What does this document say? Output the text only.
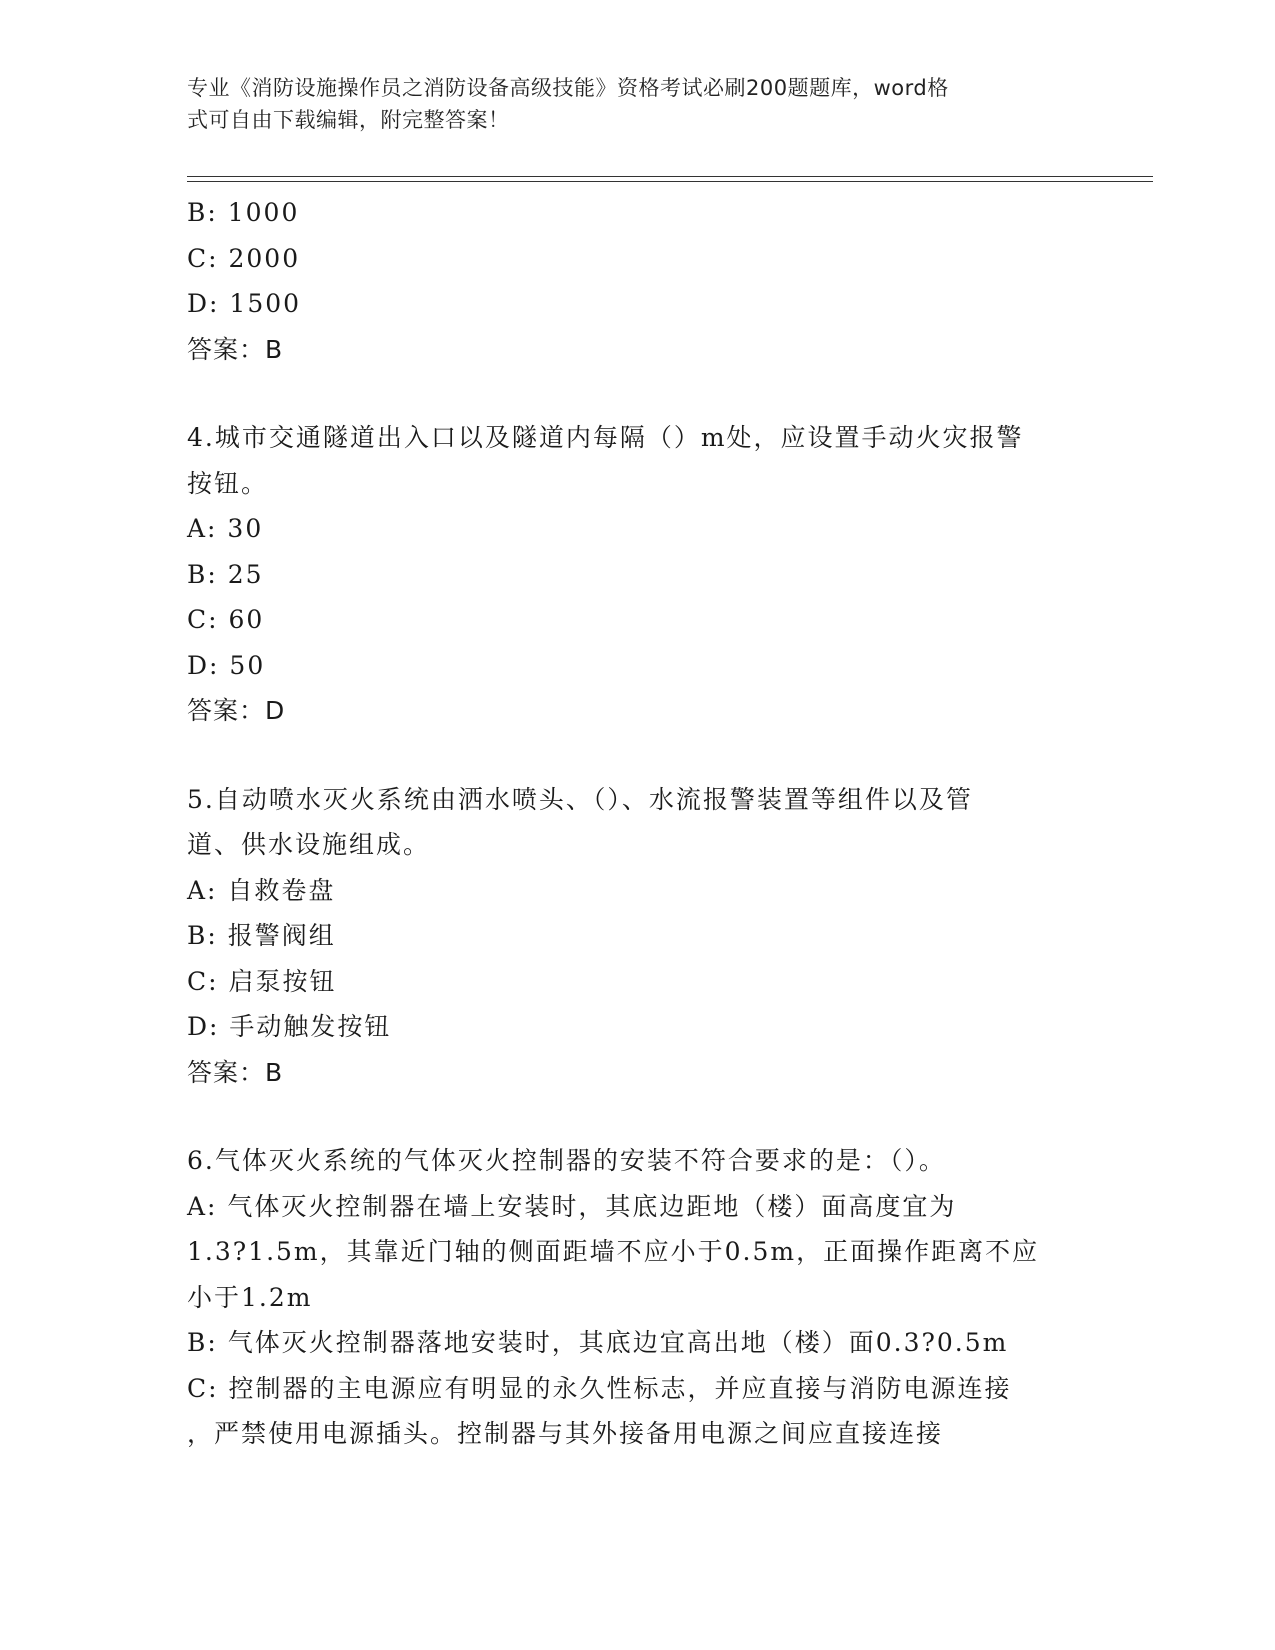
专业《消防设施操作员之消防设备高级技能》资格考试必刷200题题库，word格
式可自由下载编辑，附完整答案！
B: 1000
C: 2000
D: 1500
答案：B
4.城市交通隧道出入口以及隧道内每隔（）m处，应设置手动火灾报警
按钮。
A: 30
B: 25
C: 60
D: 50
答案：D
5.自动喷水灭火系统由洒水喷头、（）、水流报警装置等组件以及管
道、供水设施组成。
A: 自救卷盘
B: 报警阀组
C: 启泵按钮
D: 手动触发按钮
答案：B
6.气体灭火系统的气体灭火控制器的安装不符合要求的是：（）。
A: 气体灭火控制器在墙上安装时，其底边距地（楼）面高度宜为
1.3?1.5m，其靠近门轴的侧面距墙不应小于0.5m，正面操作距离不应
小于1.2m
B: 气体灭火控制器落地安装时，其底边宜高出地（楼）面0.3?0.5m
C: 控制器的主电源应有明显的永久性标志，并应直接与消防电源连接
，严禁使用电源插头。控制器与其外接备用电源之间应直接连接
